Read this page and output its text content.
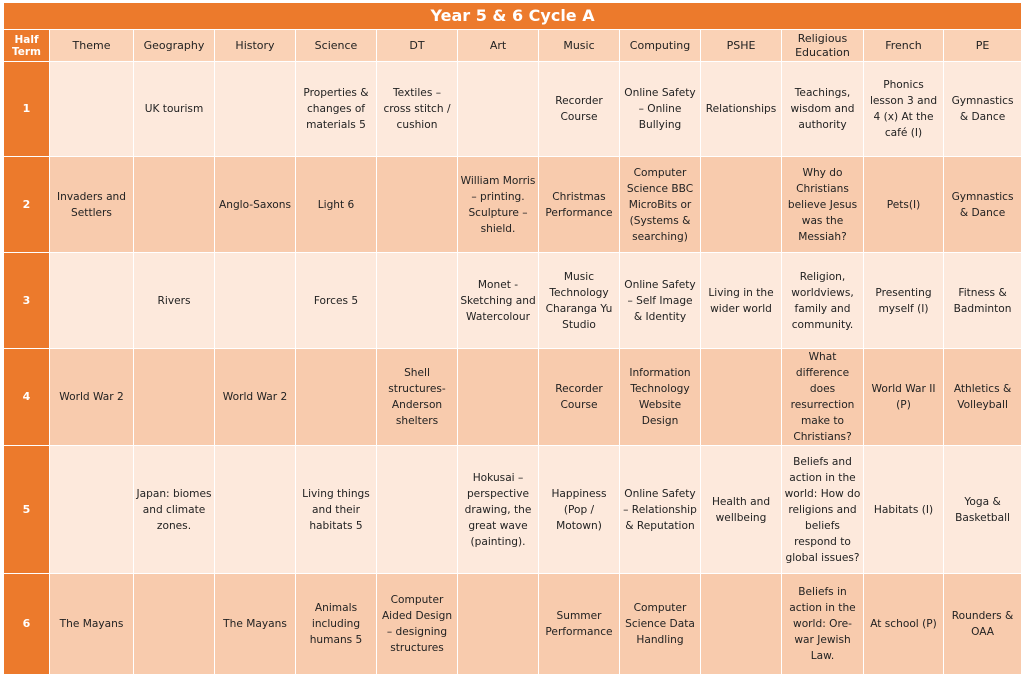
Year 5 & 6 Cycle A												
Half Term	Theme	Geography	History	Science	DT	Art	Music	Computing	PSHE	Religious Education	French	PE
1		UK tourism		Properties & changes of materials 5	Textiles – cross stitch / cushion		Recorder Course	Online Safety – Online Bullying	Relationships	Teachings, wisdom and authority	Phonics lesson 3 and 4 (x) At the café (I)	Gymnastics & Dance
2	Invaders and Settlers		Anglo-Saxons	Light 6		William Morris – printing. Sculpture – shield.	Christmas Performance	Computer Science BBC MicroBits or (Systems & searching)		Why do Christians believe Jesus was the Messiah?	Pets(I)	Gymnastics & Dance
3		Rivers		Forces 5		Monet - Sketching and Watercolour	Music Technology Charanga Yu Studio	Online Safety – Self Image & Identity	Living in the wider world	Religion, worldviews, family and community.	Presenting myself (I)	Fitness & Badminton
4	World War 2		World War 2		Shell structures- Anderson shelters		Recorder Course	Information Technology Website Design		What difference does resurrection make to Christians?	World War II (P)	Athletics & Volleyball
5		Japan: biomes and climate zones.		Living things and their habitats 5		Hokusai – perspective drawing, the great wave (painting).	Happiness (Pop / Motown)	Online Safety – Relationship & Reputation	Health and wellbeing	Beliefs and action in the world: How do religions and beliefs respond to global issues?	Habitats (I)	Yoga & Basketball
6	The Mayans		The Mayans	Animals including humans 5	Computer Aided Design – designing structures		Summer Performance	Computer Science Data Handling		Beliefs in action in the world: Ore-war Jewish Law.	At school (P)	Rounders & OAA
